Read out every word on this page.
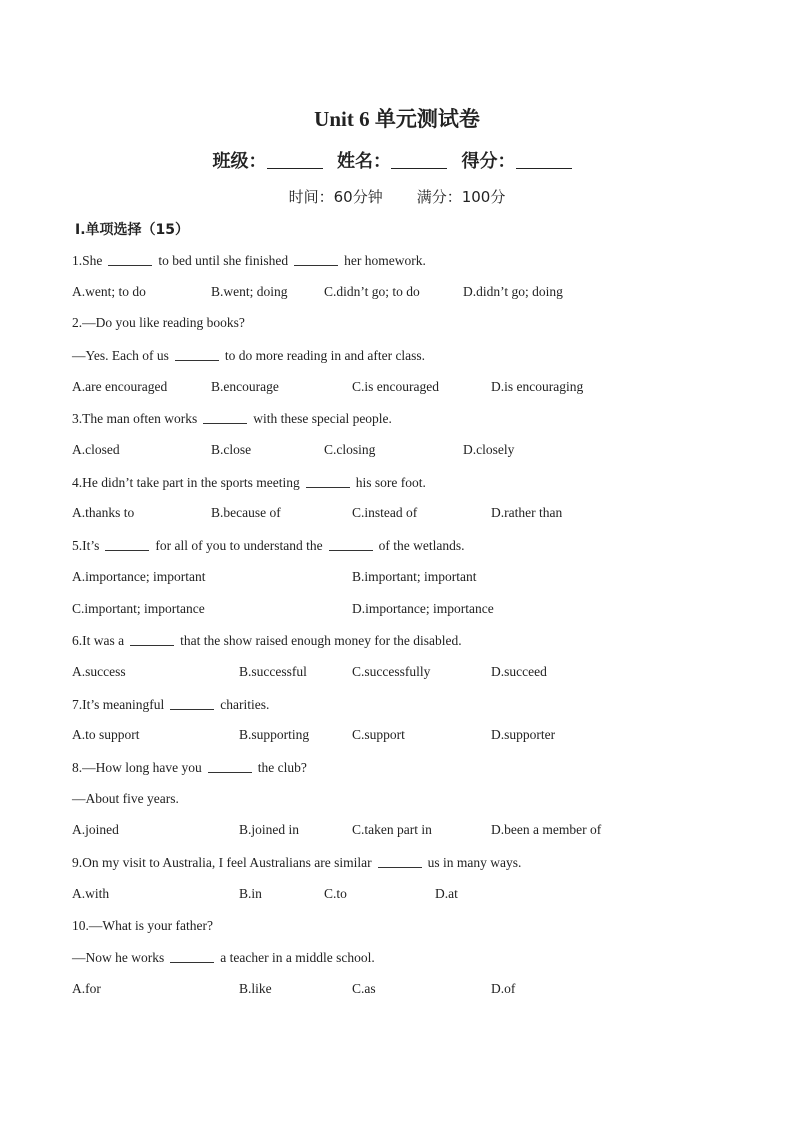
Unit 6 单元测试卷
班级：	姓名：	得分：
时间：60分钟 满分：100分
Ⅰ.单项选择（15）
1.She	to bed until she finished	her homework.
A.went; to do	B.went; doing	C.didn’t go; to do	D.didn’t go; doing
2.—Do you like reading books?
—Yes. Each of us	to do more reading in and after class.
A.are encouraged	B.encourage	C.is encouraged	D.is encouraging
3.The man often works	with these special people.
A.closed	B.close	C.closing	D.closely
4.He didn’t take part in the sports meeting	his sore foot.
A.thanks to	B.because of	C.instead of	D.rather than
5.It’s	for all of you to understand the	of the wetlands.
A.importance; important	B.important; important
C.important; importance	D.importance; importance
6.It was a	that the show raised enough money for the disabled.
A.success	B.successful	C.successfully	D.succeed
7.It’s meaningful	charities.
A.to support	B.supporting	C.support	D.supporter
8.—How long have you	the club?
—About five years.
A.joined	B.joined in	C.taken part in	D.been a member of
9.On my visit to Australia, I feel Australians are similar	us in many ways.
A.with	B.in	C.to	D.at
10.—What is your father?
—Now he works	a teacher in a middle school.
A.for	B.like	C.as	D.of
